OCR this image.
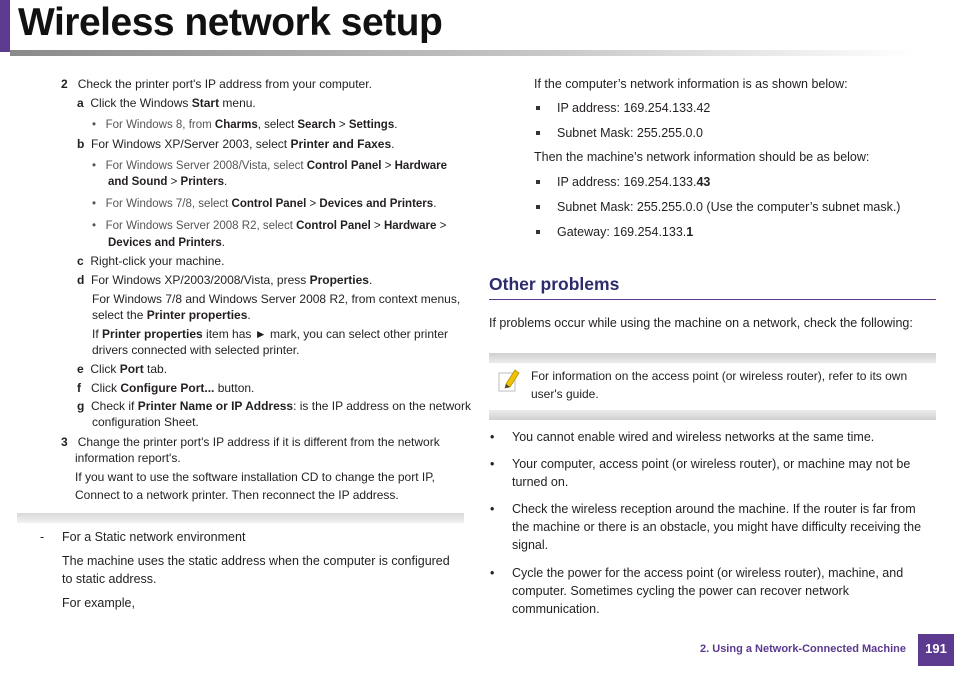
Wireless network setup
2 Check the printer port's IP address from your computer.
a Click the Windows Start menu.
• For Windows 8, from Charms, select Search > Settings.
b For Windows XP/Server 2003, select Printer and Faxes.
• For Windows Server 2008/Vista, select Control Panel > Hardware
and Sound > Printers.
• For Windows 7/8, select Control Panel > Devices and Printers.
• For Windows Server 2008 R2, select Control Panel > Hardware >
Devices and Printers.
c Right-click your machine.
d For Windows XP/2003/2008/Vista, press Properties.
For Windows 7/8 and Windows Server 2008 R2, from context menus,
select the Printer properties.
If Printer properties item has ► mark, you can select other printer
drivers connected with selected printer.
e Click Port tab.
f Click Configure Port... button.
g Check if Printer Name or IP Address: is the IP address on the network
configuration Sheet.
3 Change the printer port's IP address if it is different from the network
information report's.
If you want to use the software installation CD to change the port IP,
Connect to a network printer. Then reconnect the IP address.
- For a Static network environment
The machine uses the static address when the computer is configured
to static address.
For example,
If the computer’s network information is as shown below:
IP address: 169.254.133.42
Subnet Mask: 255.255.0.0
Then the machine’s network information should be as below:
IP address: 169.254.133.43
Subnet Mask: 255.255.0.0 (Use the computer’s subnet mask.)
Gateway: 169.254.133.1
Other problems
If problems occur while using the machine on a network, check the following:
For information on the access point (or wireless router), refer to its own
user's guide.
• You cannot enable wired and wireless networks at the same time.
• Your computer, access point (or wireless router), or machine may not be
turned on.
• Check the wireless reception around the machine. If the router is far from
the machine or there is an obstacle, you might have difficulty receiving the
signal.
• Cycle the power for the access point (or wireless router), machine, and
computer. Sometimes cycling the power can recover network
communication.
2. Using a Network-Connected Machine	191
